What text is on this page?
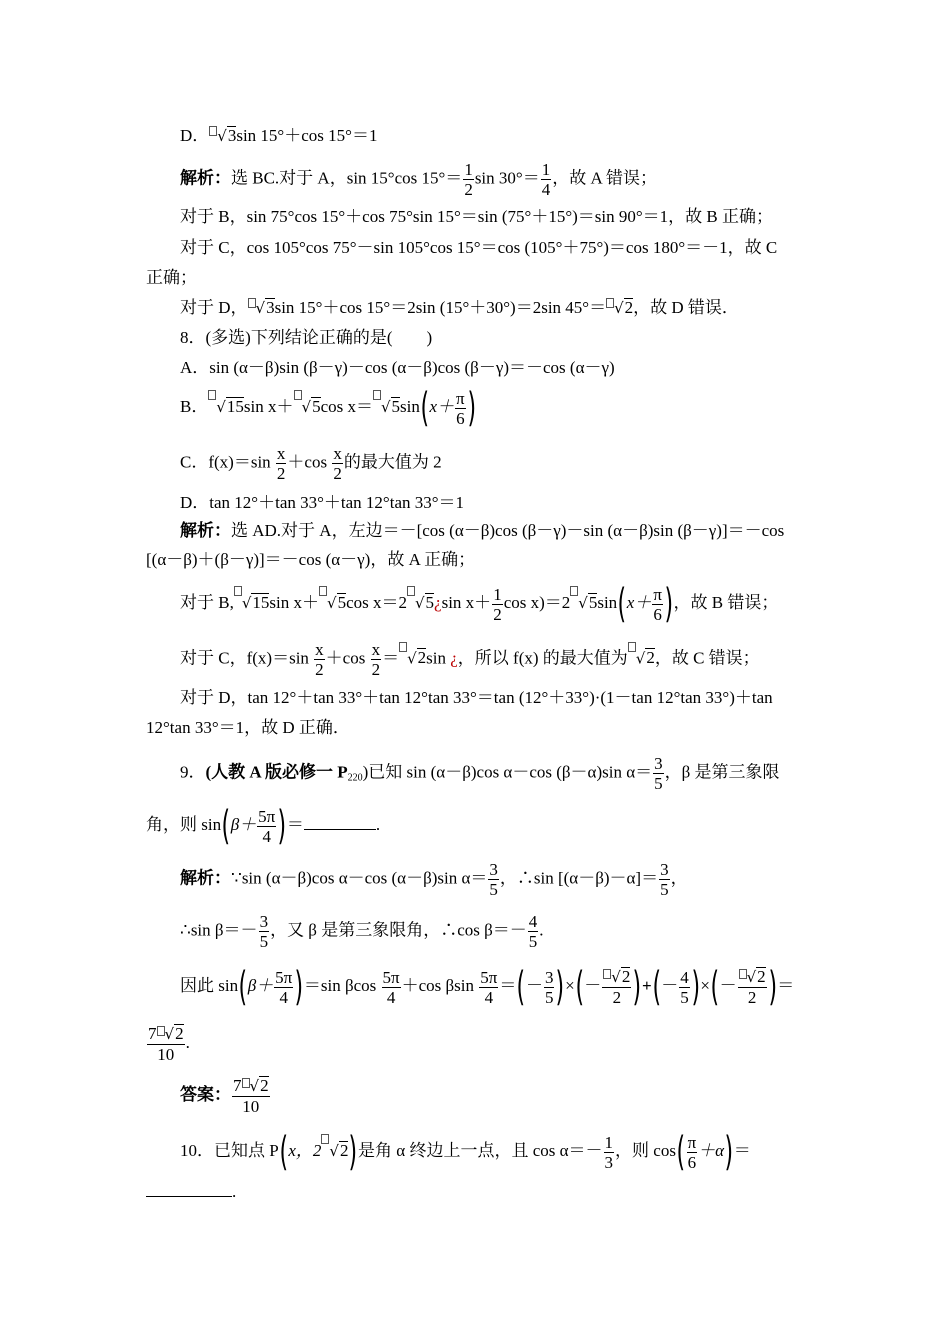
D． √3sin 15°＋cos 15°＝1
解析：选 BC.对于 A，sin 15°cos $15^\circ= \frac{1}{2}$ $\sin 30^\circ= \frac{1}{4}$ ，故 A 错误；
对于 B，sin 75°cos 15°＋cos 75°sin 15°＝sin (75°＋15°)＝sin 90°＝1，故 B 正确；
对于 C，cos 105°cos 75°－sin 105°cos 15°＝cos (105°＋75°)＝cos 180°＝－1，故 C
正确；
对于 D， √3sin 15°＋cos 15°＝2sin (15°＋30°)＝2sin 45°＝ √2，故 D 错误．
8．(多选)下列结论正确的是(　　)
A．sin (α－β)sin (β－γ)－cos (α－β)cos (β－γ)＝－cos (α－γ)
B． √15sin x＋ √5cos $x= √5\sin(x+ \frac{\pi}{6}$ )
C．$f(x)=\sin \frac{x}{2} +\cos \frac{x}{2}$ 的最大值为 2
D．tan 12°＋tan 33°＋tan 12°tan 33°＝1
解析：选 AD.对于 A，左边＝－[cos (α－β)cos (β－γ)－sin (α－β)sin (β－γ)]＝－cos
[(α－β)＋(β－γ)]＝－cos (α－γ)，故 A 正确；
对于 B, √15sin x＋ √5cos x＝2 √5¿sin $x+ \frac{1}{2}$ cos x)＝2 $√5\sin(x+ \frac{\pi}{6}$ )，故 B 错误；
对于 C，$f(x)=\sin \frac{x}{2} +\cos \frac{x}{2} = √2\sin$ ¿，所以 f(x) 的最大值为 √2，故 C 错误；
对于 D，tan 12°＋tan 33°＋tan 12°tan 33°＝tan (12°＋33°)·(1－tan 12°tan 33°)＋tan
12°tan 33°＝1，故 D 正确．
9．(人教 A 版必修一 $P_{220}$)已知 sin (α－β)cos α－cos (β－α)sin $\alpha= \frac{3}{5}$ ，β 是第三象限
角，则 $\sin(\beta+ \frac{5\pi}{4}$ )＝	.
解析：∵sin (α－β)cos α－cos (α－β)sin $\alpha= \frac{3}{5}$ ，∴sin $[(\alpha-\beta)-\alpha]= \frac{3}{5}$ ，
∴sin $\beta=- \frac{3}{5}$ ，又 β 是第三象限角，∴cos $\beta=- \frac{4}{5}$ .
因此 $\sin(\beta+ \frac{5\pi}{4} )=\sin$ βcos $\frac{5\pi}{4} +\cos$ βsin $\frac{5\pi}{4}$ ＝(－ $\frac{3}{5}$ )×(－ $\frac{√2}{2}$ )+(－ $\frac{4}{5}$ )×(－ $\frac{√2}{2}$ )＝
$\frac{7 √2}{10}$ .
答案： $\frac{7 √2}{10}$
10．已知点 P(x，2 √2)是角 α 终边上一点，且 $\cos \alpha=- \frac{1}{3}$ ，则 $\cos( \frac{\pi}{6} +\alpha)=$
.
